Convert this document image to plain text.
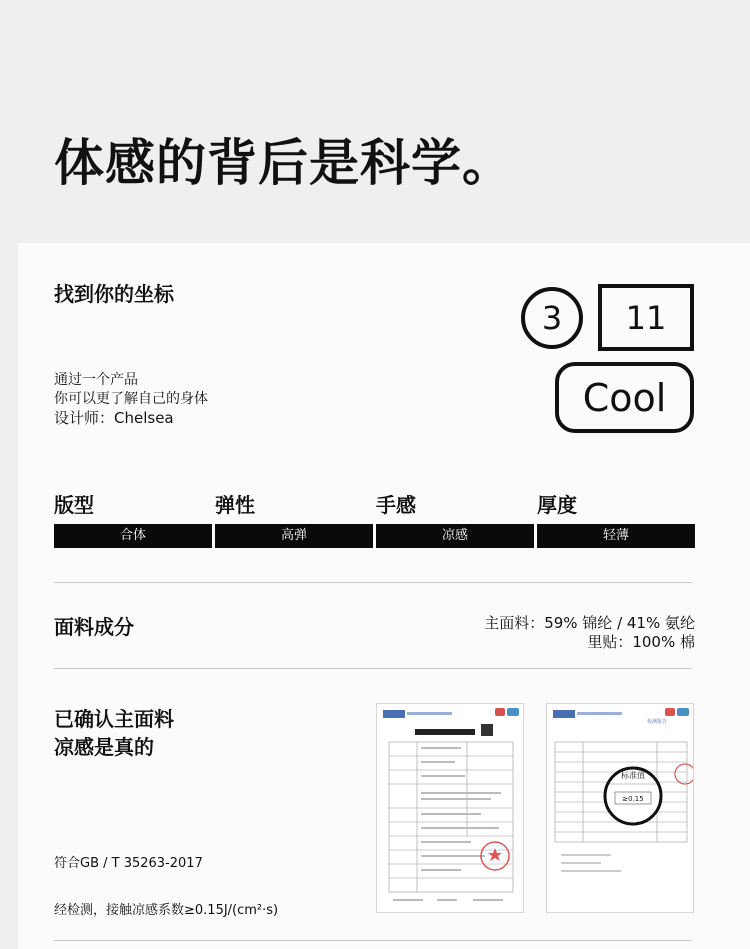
体感的背后是科学。
找到你的坐标
通过一个产品
你可以更了解自己的身体
设计师：Chelsea
3	11
Cool
版型
合体
弹性
高弹
手感
凉感
厚度
轻薄
面料成分	主面料：59% 锦纶 / 41% 氨纶
里贴：100% 棉
已确认主面料
凉感是真的
符合GB / T 35263-2017
经检测，接触凉感系数≥0.15J/(cm²·s)
检测报告
标准值
≥0.15
